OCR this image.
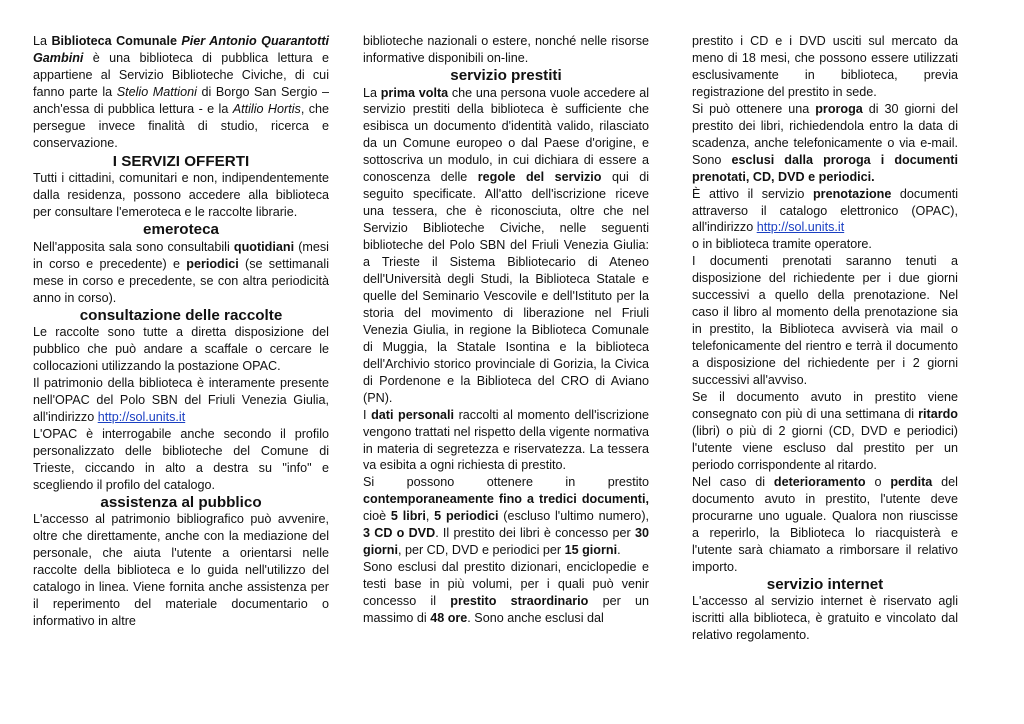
La Biblioteca Comunale Pier Antonio Quarantotti Gambini è una biblioteca di pubblica lettura e appartiene al Servizio Biblioteche Civiche, di cui fanno parte la Stelio Mattioni di Borgo San Sergio – anch'essa di pubblica lettura - e la Attilio Hortis, che persegue invece finalità di studio, ricerca e conservazione.

I SERVIZI OFFERTI

Tutti i cittadini, comunitari e non, indipendentemente dalla residenza, possono accedere alla biblioteca per consultare l'emeroteca e le raccolte librarie.

emeroteca

Nell'apposita sala sono consultabili quotidiani (mesi in corso e precedente) e periodici (se settimanali mese in corso e precedente, se con altra periodicità anno in corso).

consultazione delle raccolte

Le raccolte sono tutte a diretta disposizione del pubblico che può andare a scaffale o cercare le collocazioni utilizzando la postazione OPAC.

Il patrimonio della biblioteca è interamente presente nell'OPAC del Polo SBN del Friuli Venezia Giulia, all'indirizzo http://sol.units.it

L'OPAC è interrogabile anche secondo il profilo personalizzato delle biblioteche del Comune di Trieste, ciccando in alto a destra su "info" e scegliendo il profilo del catalogo.

assistenza al pubblico

L'accesso al patrimonio bibliografico può avvenire, oltre che direttamente, anche con la mediazione del personale, che aiuta l'utente a orientarsi nelle raccolte della biblioteca e lo guida nell'utilizzo del catalogo in linea. Viene fornita anche assistenza per il reperimento del materiale documentario o informativo in altre

biblioteche nazionali o estere, nonché nelle risorse informative disponibili on-line.

servizio prestiti

La prima volta che una persona vuole accedere al servizio prestiti della biblioteca è sufficiente che esibisca un documento d'identità valido, rilasciato da un Comune europeo o dal Paese d'origine, e sottoscriva un modulo, in cui dichiara di essere a conoscenza delle regole del servizio qui di seguito specificate. All'atto dell'iscrizione riceve una tessera, che è riconosciuta, oltre che nel Servizio Biblioteche Civiche, nelle seguenti biblioteche del Polo SBN del Friuli Venezia Giulia: a Trieste il Sistema Bibliotecario di Ateneo dell'Università degli Studi, la Biblioteca Statale e quelle del Seminario Vescovile e dell'Istituto per la storia del movimento di liberazione nel Friuli Venezia Giulia, in regione la Biblioteca Comunale di Muggia, la Statale Isontina e la biblioteca dell'Archivio storico provinciale di Gorizia, la Civica di Pordenone e la Biblioteca del CRO di Aviano (PN).

I dati personali raccolti al momento dell'iscrizione vengono trattati nel rispetto della vigente normativa in materia di segretezza e riservatezza. La tessera va esibita a ogni richiesta di prestito.

Si possono ottenere in prestito contemporaneamente fino a tredici documenti, cioè 5 libri, 5 periodici (escluso l'ultimo numero), 3 CD o DVD. Il prestito dei libri è concesso per 30 giorni, per CD, DVD e periodici per 15 giorni.

Sono esclusi dal prestito dizionari, enciclopedie e testi base in più volumi, per i quali può venir concesso il prestito straordinario per un massimo di 48 ore. Sono anche esclusi dal

prestito i CD e i DVD usciti sul mercato da meno di 18 mesi, che possono essere utilizzati esclusivamente in biblioteca, previa registrazione del prestito in sede.

Si può ottenere una proroga di 30 giorni del prestito dei libri, richiedendola entro la data di scadenza, anche telefonicamente o via e-mail. Sono esclusi dalla proroga i documenti prenotati, CD, DVD e periodici.

È attivo il servizio prenotazione documenti attraverso il catalogo elettronico (OPAC), all'indirizzo http://sol.units.it

o in biblioteca tramite operatore.

I documenti prenotati saranno tenuti a disposizione del richiedente per i due giorni successivi a quello della prenotazione. Nel caso il libro al momento della prenotazione sia in prestito, la Biblioteca avviserà via mail o telefonicamente del rientro e terrà il documento a disposizione del richiedente per i 2 giorni successivi all'avviso.

Se il documento avuto in prestito viene consegnato con più di una settimana di ritardo (libri) o più di 2 giorni (CD, DVD e periodici) l'utente viene escluso dal prestito per un periodo corrispondente al ritardo.

Nel caso di deterioramento o perdita del documento avuto in prestito, l'utente deve procurarne uno uguale. Qualora non riuscisse a reperirlo, la Biblioteca lo riacquisterà e l'utente sarà chiamato a rimborsare il relativo importo.

servizio internet

L'accesso al servizio internet è riservato agli iscritti alla biblioteca, è gratuito e vincolato dal relativo regolamento.
